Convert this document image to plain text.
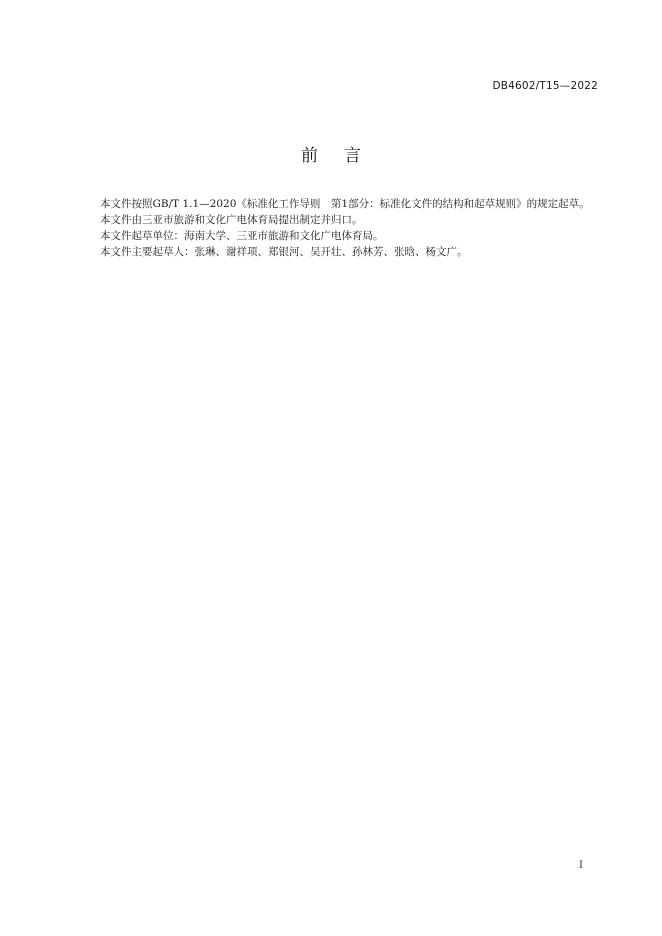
DB4602/T15—2022
前言

本文件按照GB/T 1.1—2020《标准化工作导则　第1部分：标准化文件的结构和起草规则》的规定起草。

本文件由三亚市旅游和文化广电体育局提出制定并归口。

本文件起草单位：海南大学、三亚市旅游和文化广电体育局。

本文件主要起草人：张琳、谢祥项、郑银河、吴开壮、孙林芳、张晗、杨文广。

I
